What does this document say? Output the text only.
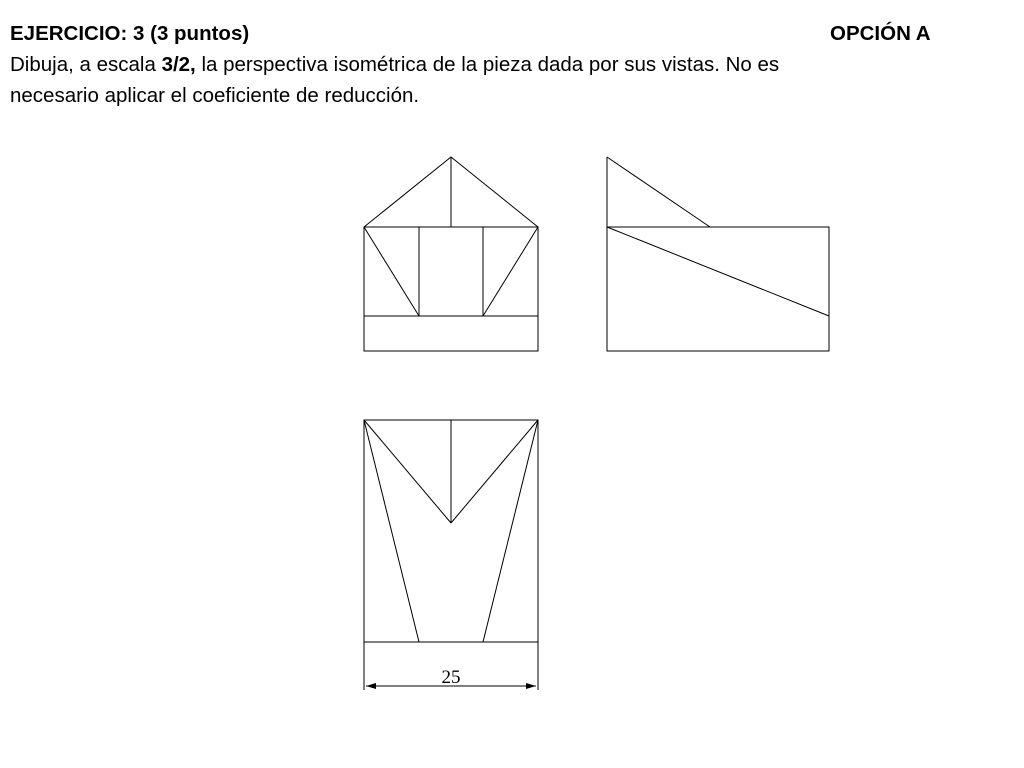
EJERCICIO: 3 (3 puntos)	OPCIÓN A
Dibuja, a escala 3/2, la perspectiva isométrica de la pieza dada por sus vistas. No es
necesario aplicar el coeficiente de reducción.
25
